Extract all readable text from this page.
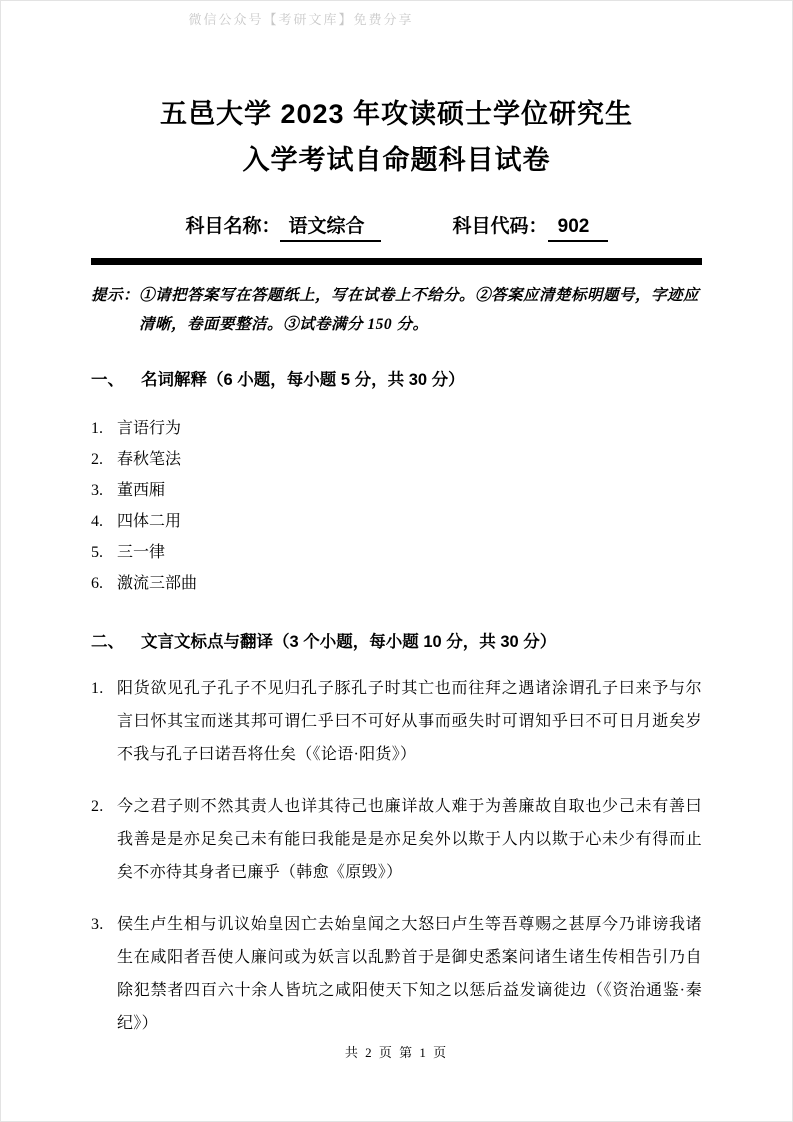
微信公众号【考研文库】免费分享
五邑大学 2023 年攻读硕士学位研究生
入学考试自命题科目试卷
科目名称： 语文综合	科目代码： 902
提示： ①请把答案写在答题纸上，写在试卷上不给分。②答案应清楚标明题号，字迹应清晰，卷面要整洁。③试卷满分 150 分。
一、	名词解释（6 小题，每小题 5 分，共 30 分）
1. 言语行为
2. 春秋笔法
3. 董西厢
4. 四体二用
5. 三一律
6. 激流三部曲
二、	文言文标点与翻译（3 个小题，每小题 10 分，共 30 分）
1. 阳货欲见孔子孔子不见归孔子豚孔子时其亡也而往拜之遇诸涂谓孔子曰来予与尔言曰怀其宝而迷其邦可谓仁乎曰不可好从事而亟失时可谓知乎曰不可日月逝矣岁不我与孔子曰诺吾将仕矣（《论语·阳货》）
2. 今之君子则不然其责人也详其待己也廉详故人难于为善廉故自取也少己未有善曰我善是是亦足矣己未有能曰我能是是亦足矣外以欺于人内以欺于心未少有得而止矣不亦待其身者已廉乎（韩愈《原毁》）
3. 侯生卢生相与讥议始皇因亡去始皇闻之大怒曰卢生等吾尊赐之甚厚今乃诽谤我诸生在咸阳者吾使人廉问或为妖言以乱黔首于是御史悉案问诸生诸生传相告引乃自除犯禁者四百六十余人皆坑之咸阳使天下知之以惩后益发谪徙边（《资治通鉴·秦纪》）
共 2 页 第 1 页
